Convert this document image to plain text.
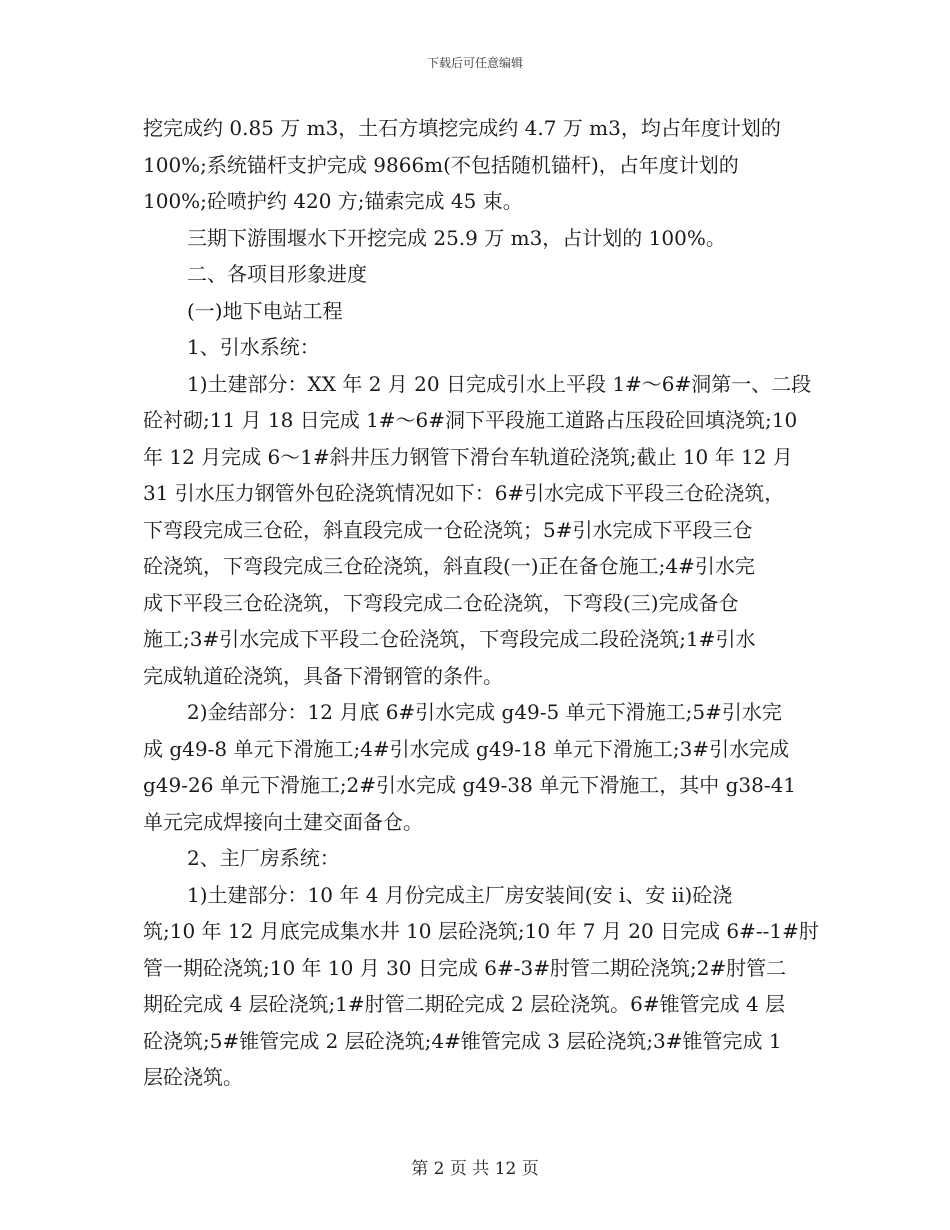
下载后可任意编辑
挖完成约 0.85 万 m3，土石方填挖完成约 4.7 万 m3，均占年度计划的
100%;系统锚杆支护完成 9866m(不包括随机锚杆)，占年度计划的
100%;砼喷护约 420 方;锚索完成 45 束。
三期下游围堰水下开挖完成 25.9 万 m3，占计划的 100%。
二、各项目形象进度
(一)地下电站工程
1、引水系统：
1)土建部分：XX 年 2 月 20 日完成引水上平段 1#～6#洞第一、二段
砼衬砌;11 月 18 日完成 1#～6#洞下平段施工道路占压段砼回填浇筑;10
年 12 月完成 6～1#斜井压力钢管下滑台车轨道砼浇筑;截止 10 年 12 月
31 引水压力钢管外包砼浇筑情况如下：6#引水完成下平段三仓砼浇筑，
下弯段完成三仓砼，斜直段完成一仓砼浇筑；5#引水完成下平段三仓
砼浇筑，下弯段完成三仓砼浇筑，斜直段(一)正在备仓施工;4#引水完
成下平段三仓砼浇筑，下弯段完成二仓砼浇筑，下弯段(三)完成备仓
施工;3#引水完成下平段二仓砼浇筑，下弯段完成二段砼浇筑;1#引水
完成轨道砼浇筑，具备下滑钢管的条件。
2)金结部分：12 月底 6#引水完成 g49-5 单元下滑施工;5#引水完
成 g49-8 单元下滑施工;4#引水完成 g49-18 单元下滑施工;3#引水完成
g49-26 单元下滑施工;2#引水完成 g49-38 单元下滑施工，其中 g38-41
单元完成焊接向土建交面备仓。
2、主厂房系统：
1)土建部分：10 年 4 月份完成主厂房安装间(安 i、安 ii)砼浇
筑;10 年 12 月底完成集水井 10 层砼浇筑;10 年 7 月 20 日完成 6#--1#肘
管一期砼浇筑;10 年 10 月 30 日完成 6#-3#肘管二期砼浇筑;2#肘管二
期砼完成 4 层砼浇筑;1#肘管二期砼完成 2 层砼浇筑。6#锥管完成 4 层
砼浇筑;5#锥管完成 2 层砼浇筑;4#锥管完成 3 层砼浇筑;3#锥管完成 1
层砼浇筑。
第 2 页 共 12 页
